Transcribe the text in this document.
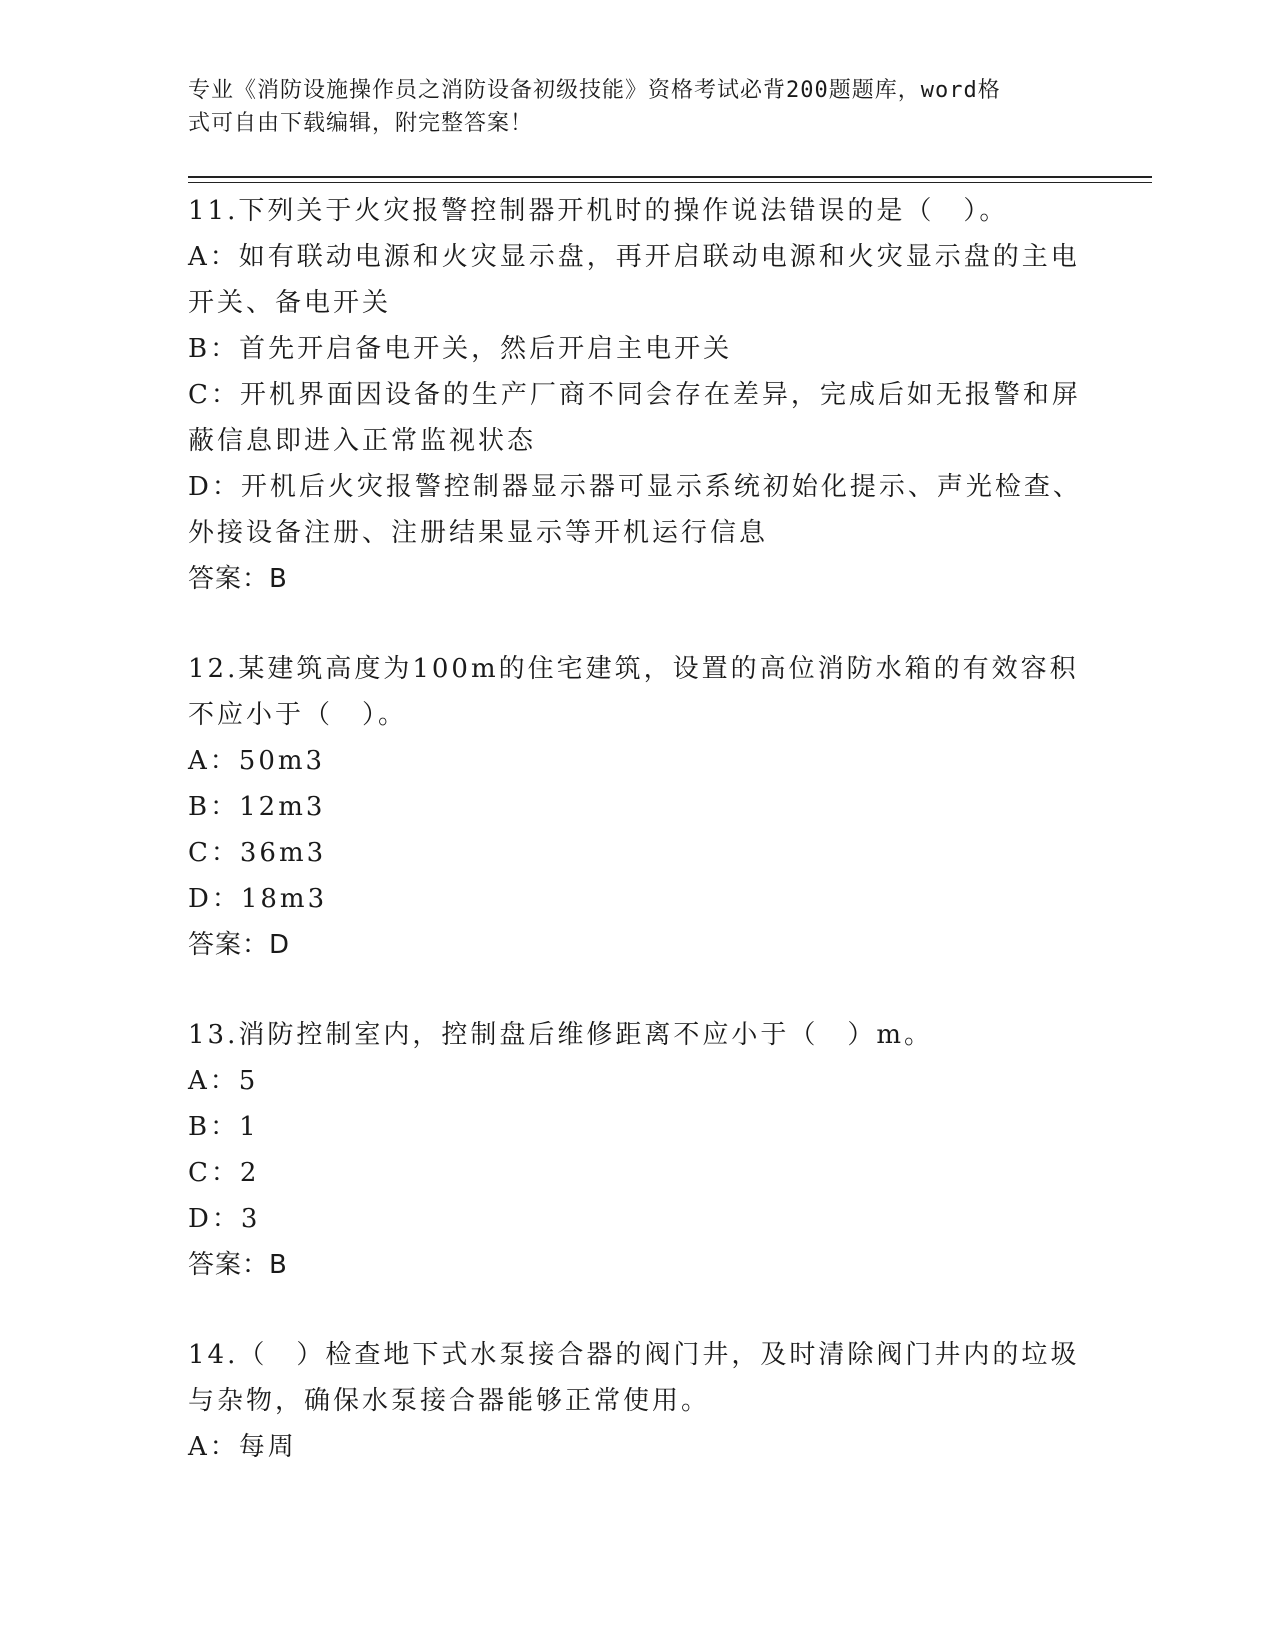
专业《消防设施操作员之消防设备初级技能》资格考试必背200题题库，word格
式可自由下载编辑，附完整答案！
11.下列关于火灾报警控制器开机时的操作说法错误的是（　）。
A：如有联动电源和火灾显示盘，再开启联动电源和火灾显示盘的主电
开关、备电开关
B：首先开启备电开关，然后开启主电开关
C：开机界面因设备的生产厂商不同会存在差异，完成后如无报警和屏
蔽信息即进入正常监视状态
D：开机后火灾报警控制器显示器可显示系统初始化提示、声光检查、
外接设备注册、注册结果显示等开机运行信息
答案：B
12.某建筑高度为100m的住宅建筑，设置的高位消防水箱的有效容积
不应小于（　）。
A：50m3
B：12m3
C：36m3
D：18m3
答案：D
13.消防控制室内，控制盘后维修距离不应小于（　）m。
A：5
B：1
C：2
D：3
答案：B
14.（　）检查地下式水泵接合器的阀门井，及时清除阀门井内的垃圾
与杂物，确保水泵接合器能够正常使用。
A：每周
